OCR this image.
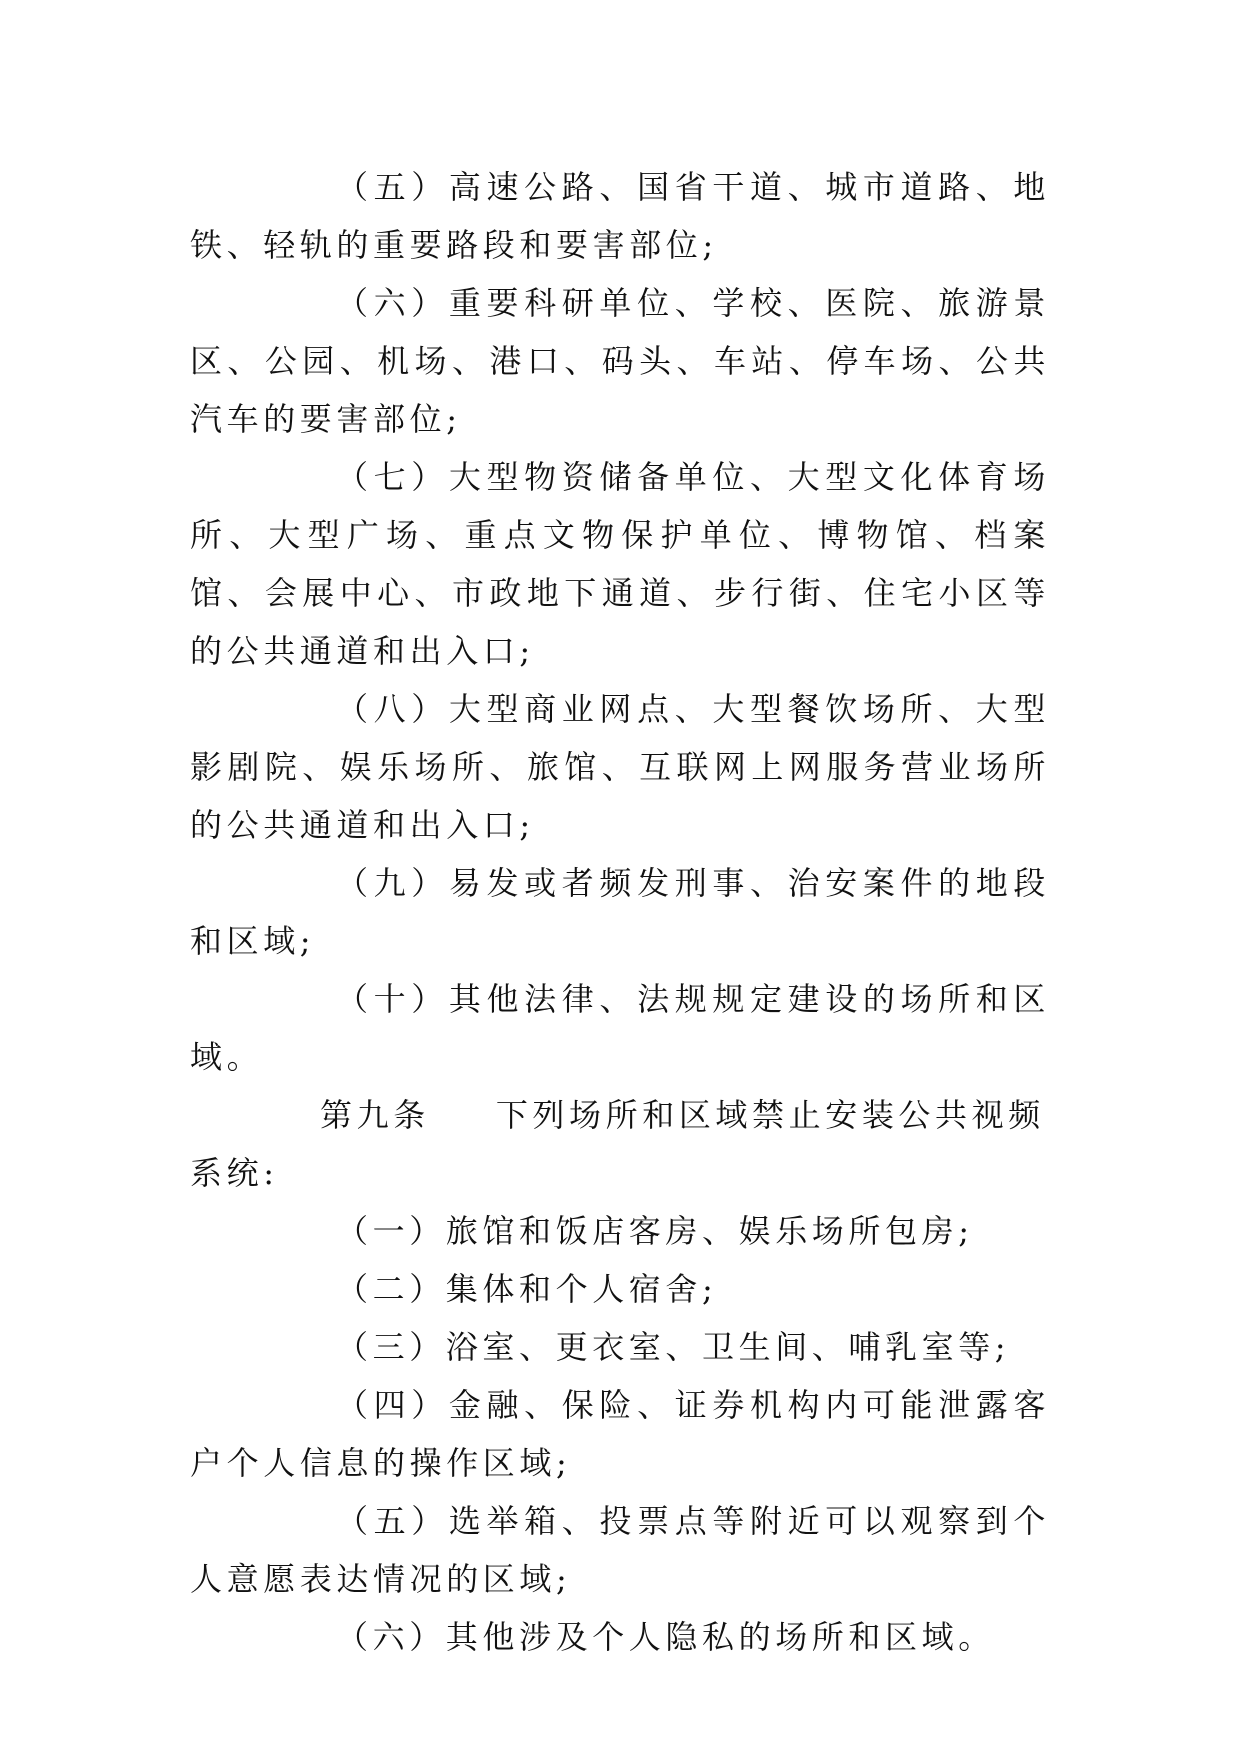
（五）高速公路、国省干道、城市道路、地铁、轻轨的重要路段和要害部位;

（六）重要科研单位、学校、医院、旅游景区、公园、机场、港口、码头、车站、停车场、公共汽车的要害部位;

（七）大型物资储备单位、大型文化体育场所、大型广场、重点文物保护单位、博物馆、档案馆、会展中心、市政地下通道、步行街、住宅小区等的公共通道和出入口;

（八）大型商业网点、大型餐饮场所、大型影剧院、娱乐场所、旅馆、互联网上网服务营业场所的公共通道和出入口;

（九）易发或者频发刑事、治安案件的地段和区域;

（十）其他法律、法规规定建设的场所和区域。

第九条 下列场所和区域禁止安装公共视频系统:

（一）旅馆和饭店客房、娱乐场所包房;

（二）集体和个人宿舍;

（三）浴室、更衣室、卫生间、哺乳室等;

（四）金融、保险、证券机构内可能泄露客户个人信息的操作区域;

（五）选举箱、投票点等附近可以观察到个人意愿表达情况的区域;

（六）其他涉及个人隐私的场所和区域。
